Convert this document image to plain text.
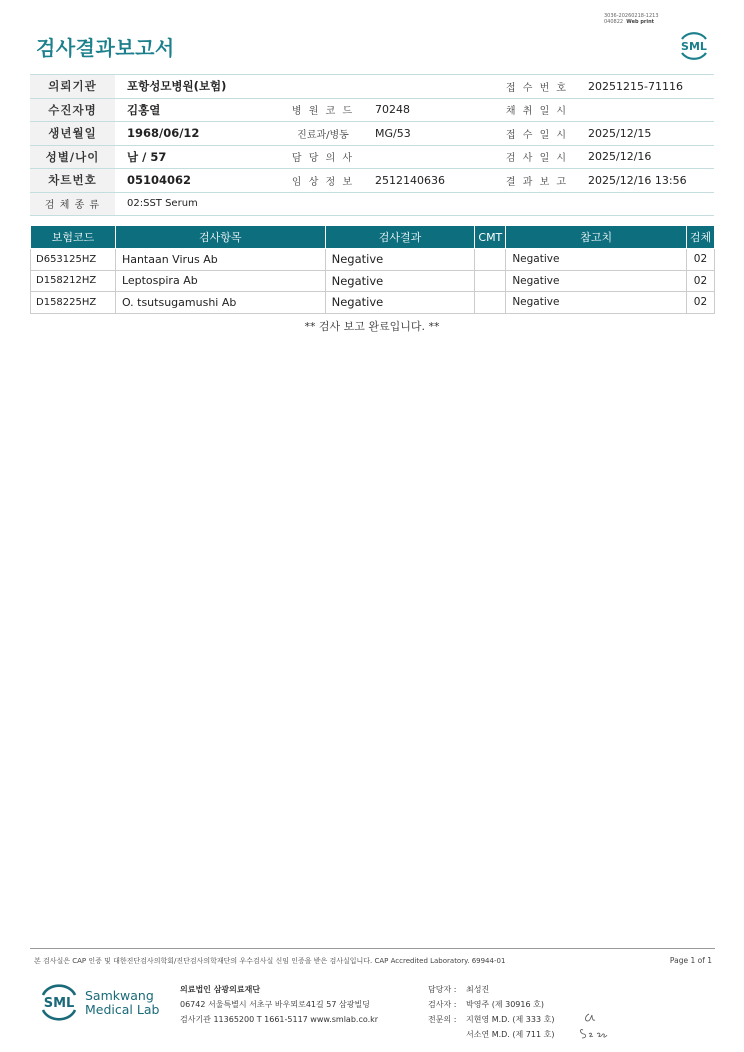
3036-20260218-1213
040822 Web print
검사결과보고서	SML
의뢰기관	포항성모병원(보험)			접 수 번 호	20251215-71116
수진자명	김홍열	병 원 코 드	70248	채 취 일 시	
생년월일	1968/06/12	진료과/병동	MG/53	접 수 일 시	2025/12/15
성별/나이	남 / 57	담 당 의 사		검 사 일 시	2025/12/16
차트번호	05104062	임 상 정 보	2512140636	결 과 보 고	2025/12/16 13:56
검 체 종 류	02:SST Serum				
보험코드	검사항목	검사결과	CMT	참고치	검체
D653125HZ	Hantaan Virus Ab	Negative		Negative	02
D158212HZ	Leptospira Ab	Negative		Negative	02
D158225HZ	O. tsutsugamushi Ab	Negative		Negative	02
** 검사 보고 완료입니다. **
본 검사실은 CAP 인증 및 대한진단검사의학회/진단검사의학재단의 우수검사실 신임 인증을 받은 검사실입니다. CAP Accredited Laboratory. 69944-01	Page 1 of 1
SML
Samkwang
Medical Lab
의료법인 삼광의료재단
06742 서울특별시 서초구 바우뫼로41길 57 삼광빌딩
검사기관 11365200 T 1661-5117 www.smlab.co.kr
담당자 :	최성진
검사자 :	박영주 (제 30916 호)
전문의 :	지현영 M.D. (제 333 호)
서소연 M.D. (제 711 호)
